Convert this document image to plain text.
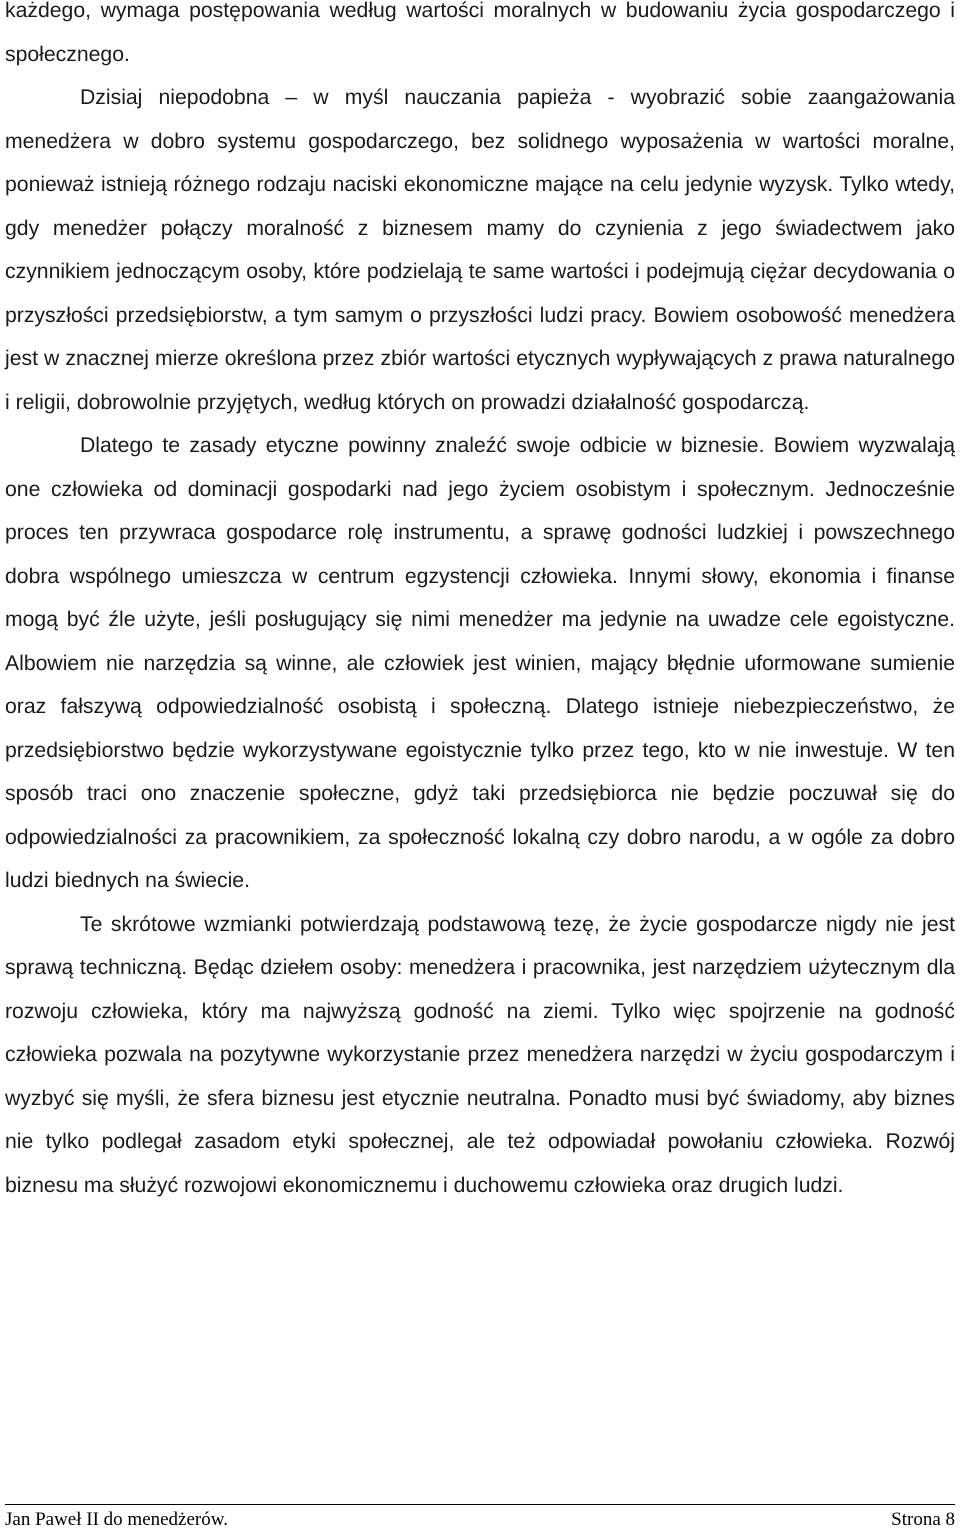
każdego, wymaga postępowania według wartości moralnych w budowaniu życia gospodarczego i społecznego.

Dzisiaj niepodobna – w myśl nauczania papieża - wyobrazić sobie zaangażowania menedżera w dobro systemu gospodarczego, bez solidnego wyposażenia w wartości moralne, ponieważ istnieją różnego rodzaju naciski ekonomiczne mające na celu jedynie wyzysk. Tylko wtedy, gdy menedżer połączy moralność z biznesem mamy do czynienia z jego świadectwem jako czynnikiem jednoczącym osoby, które podzielają te same wartości i podejmują ciężar decydowania o przyszłości przedsiębiorstw, a tym samym o przyszłości ludzi pracy. Bowiem osobowość menedżera jest w znacznej mierze określona przez zbiór wartości etycznych wypływających z prawa naturalnego i religii, dobrowolnie przyjętych, według których on prowadzi działalność gospodarczą.

Dlatego te zasady etyczne powinny znaleźć swoje odbicie w biznesie. Bowiem wyzwalają one człowieka od dominacji gospodarki nad jego życiem osobistym i społecznym. Jednocześnie proces ten przywraca gospodarce rolę instrumentu, a sprawę godności ludzkiej i powszechnego dobra wspólnego umieszcza w centrum egzystencji człowieka. Innymi słowy, ekonomia i finanse mogą być źle użyte, jeśli posługujący się nimi menedżer ma jedynie na uwadze cele egoistyczne. Albowiem nie narzędzia są winne, ale człowiek jest winien, mający błędnie uformowane sumienie oraz fałszywą odpowiedzialność osobistą i społeczną. Dlatego istnieje niebezpieczeństwo, że przedsiębiorstwo będzie wykorzystywane egoistycznie tylko przez tego, kto w nie inwestuje. W ten sposób traci ono znaczenie społeczne, gdyż taki przedsiębiorca nie będzie poczuwał się do odpowiedzialności za pracownikiem, za społeczność lokalną czy dobro narodu, a w ogóle za dobro ludzi biednych na świecie.

Te skrótowe wzmianki potwierdzają podstawową tezę, że życie gospodarcze nigdy nie jest sprawą techniczną. Będąc dziełem osoby: menedżera i pracownika, jest narzędziem użytecznym dla rozwoju człowieka, który ma najwyższą godność na ziemi. Tylko więc spojrzenie na godność człowieka pozwala na pozytywne wykorzystanie przez menedżera narzędzi w życiu gospodarczym i wyzbyć się myśli, że sfera biznesu jest etycznie neutralna. Ponadto musi być świadomy, aby biznes nie tylko podlegał zasadom etyki społecznej, ale też odpowiadał powołaniu człowieka. Rozwój biznesu ma służyć rozwojowi ekonomicznemu i duchowemu człowieka oraz drugich ludzi.

Jan Paweł II do menedżerów.	Strona 8
